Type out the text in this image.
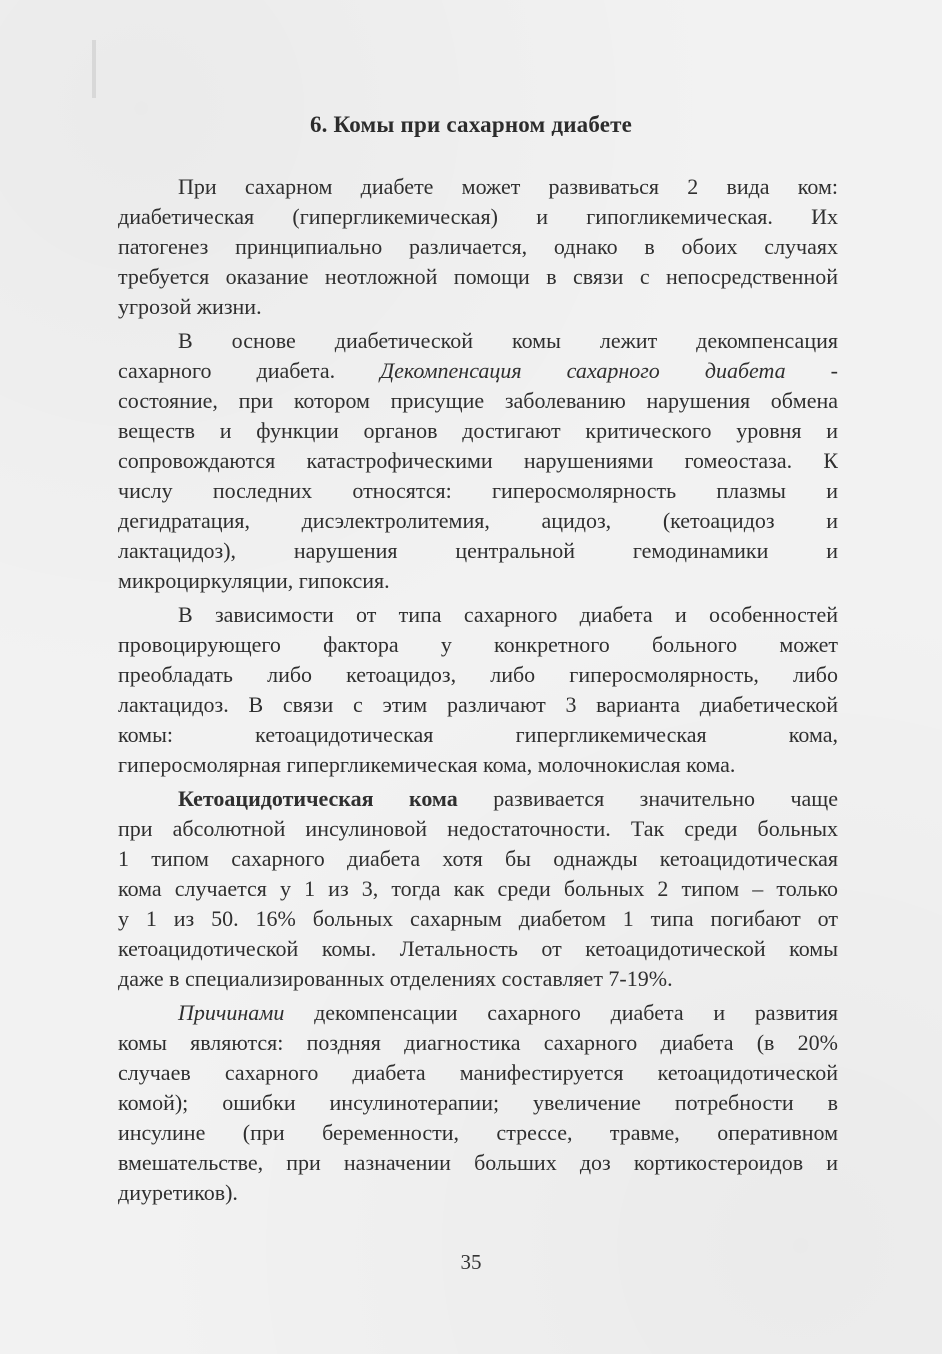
6. Комы при сахарном диабете
При сахарном диабете может развиваться 2 вида ком:
диабетическая (гипергликемическая) и гипогликемическая. Их
патогенез принципиально различается, однако в обоих случаях
требуется оказание неотложной помощи в связи с непосредственной
угрозой жизни.
В основе диабетической комы лежит декомпенсация
сахарного диабета. Декомпенсация сахарного диабета -
состояние, при котором присущие заболеванию нарушения обмена
веществ и функции органов достигают критического уровня и
сопровождаются катастрофическими нарушениями гомеостаза. К
числу последних относятся: гиперосмолярность плазмы и
дегидратация, дисэлектролитемия, ацидоз, (кетоацидоз и
лактацидоз), нарушения центральной гемодинамики и
микроциркуляции, гипоксия.
В зависимости от типа сахарного диабета и особенностей
провоцирующего фактора у конкретного больного может
преобладать либо кетоацидоз, либо гиперосмолярность, либо
лактацидоз. В связи с этим различают 3 варианта диабетической
комы: кетоацидотическая гипергликемическая кома,
гиперосмолярная гипергликемическая кома, молочнокислая кома.
Кетоацидотическая кома развивается значительно чаще
при абсолютной инсулиновой недостаточности. Так среди больных
1 типом сахарного диабета хотя бы однажды кетоацидотическая
кома случается у 1 из 3, тогда как среди больных 2 типом – только
у 1 из 50. 16% больных сахарным диабетом 1 типа погибают от
кетоацидотической комы. Летальность от кетоацидотической комы
даже в специализированных отделениях составляет 7-19%.
Причинами декомпенсации сахарного диабета и развития
комы являются: поздняя диагностика сахарного диабета (в 20%
случаев сахарного диабета манифестируется кетоацидотической
комой); ошибки инсулинотерапии; увеличение потребности в
инсулине (при беременности, стрессе, травме, оперативном
вмешательстве, при назначении больших доз кортикостероидов и
диуретиков).
35
